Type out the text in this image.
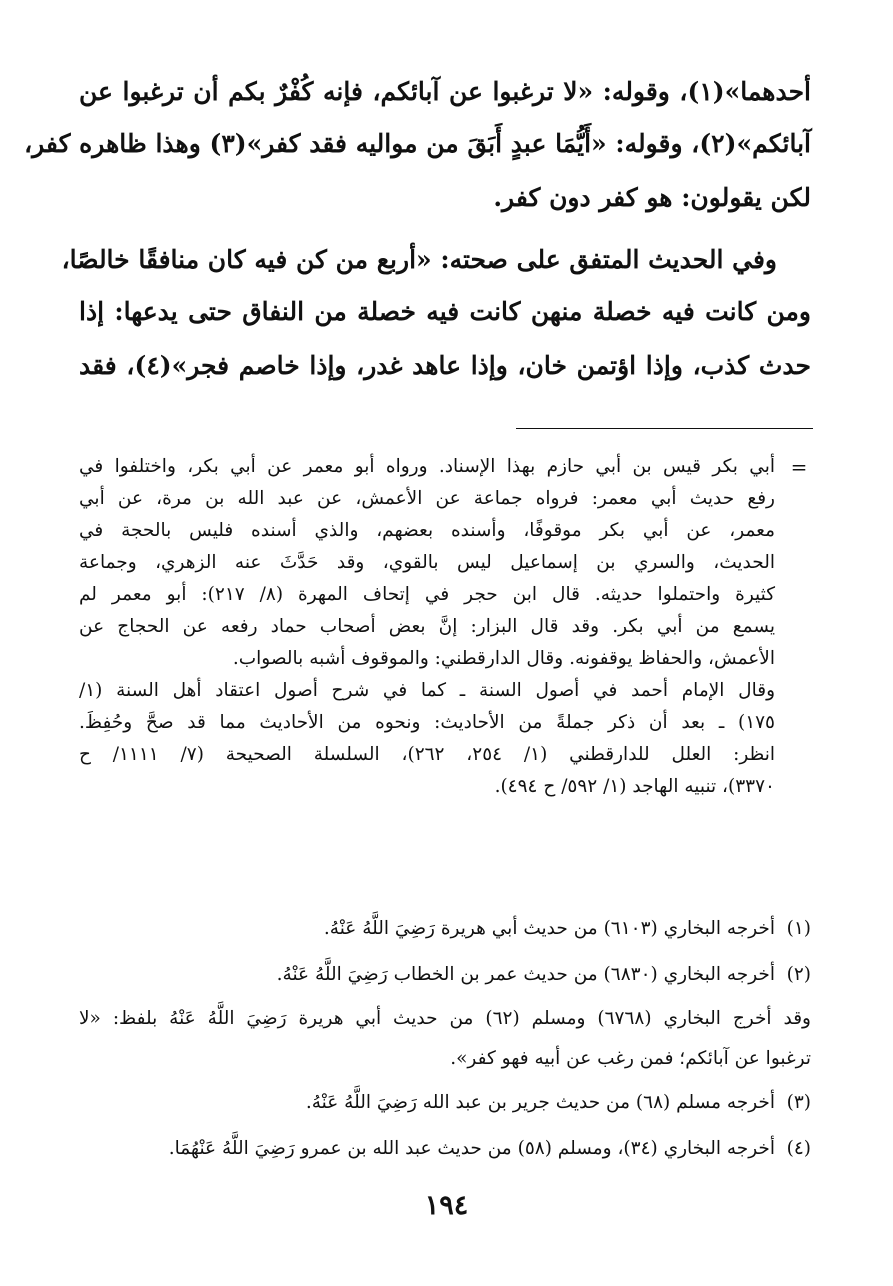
أحدهما»(١)، وقوله: «لا ترغبوا عن آبائكم، فإنه كُفْرٌ بكم أن ترغبوا عن
آبائكم»(٢)، وقوله: «أَيُّمَا عبدٍ أَبَقَ من مواليه فقد كفر»(٣) وهذا ظاهره كفر،
لكن يقولون: هو كفر دون كفر.
وفي الحديث المتفق على صحته: «أربع من كن فيه كان منافقًا خالصًا،
ومن كانت فيه خصلة منهن كانت فيه خصلة من النفاق حتى يدعها: إذا
حدث كذب، وإذا اؤتمن خان، وإذا عاهد غدر، وإذا خاصم فجر»(٤)، فقد
=
أبي بكر قيس بن أبي حازم بهذا الإسناد. ورواه أبو معمر عن أبي بكر، واختلفوا في
رفع حديث أبي معمر: فرواه جماعة عن الأعمش، عن عبد الله بن مرة، عن أبي
معمر، عن أبي بكر موقوفًا، وأسنده بعضهم، والذي أسنده فليس بالحجة في
الحديث، والسري بن إسماعيل ليس بالقوي، وقد حَدَّثَ عنه الزهري، وجماعة
كثيرة واحتملوا حديثه. قال ابن حجر في إتحاف المهرة (٨/ ٢١٧): أبو معمر لم
يسمع من أبي بكر. وقد قال البزار: إنَّ بعض أصحاب حماد رفعه عن الحجاج عن
الأعمش، والحفاظ يوقفونه. وقال الدارقطني: والموقوف أشبه بالصواب.
وقال الإمام أحمد في أصول السنة ـ كما في شرح أصول اعتقاد أهل السنة (١/
١٧٥) ـ بعد أن ذكر جملةً من الأحاديث: ونحوه من الأحاديث مما قد صحَّ وحُفِظَ.
انظر: العلل للدارقطني (١/ ٢٥٤، ٢٦٢)، السلسلة الصحيحة (٧/ ١١١١/ ح
٣٣٧٠)، تنبيه الهاجد (١/ ٥٩٢/ ح ٤٩٤).
(١)
أخرجه البخاري (٦١٠٣) من حديث أبي هريرة رَضِيَ اللَّهُ عَنْهُ.
(٢)
أخرجه البخاري (٦٨٣٠) من حديث عمر بن الخطاب رَضِيَ اللَّهُ عَنْهُ.
وقد أخرج البخاري (٦٧٦٨) ومسلم (٦٢) من حديث أبي هريرة رَضِيَ اللَّهُ عَنْهُ بلفظ: «لا
ترغبوا عن آبائكم؛ فمن رغب عن أبيه فهو كفر».
(٣)
أخرجه مسلم (٦٨) من حديث جرير بن عبد الله رَضِيَ اللَّهُ عَنْهُ.
(٤)
أخرجه البخاري (٣٤)، ومسلم (٥٨) من حديث عبد الله بن عمرو رَضِيَ اللَّهُ عَنْهُمَا.
١٩٤
